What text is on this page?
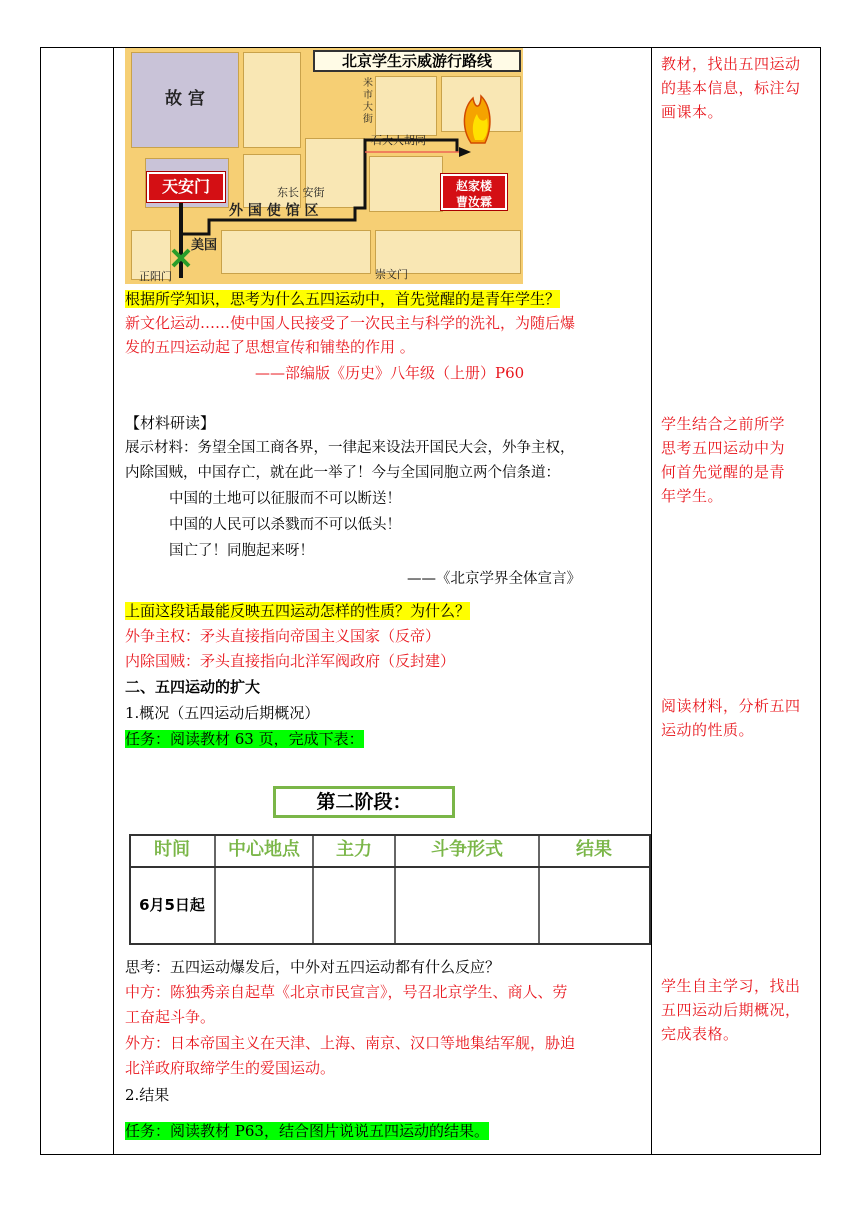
北京学生示威游行路线
故 宫
天安门
外 国 使 馆 区
美国
正阳门	崇文门
东长 安街
石大人胡同
米市大街
赵家楼
曹汝霖
根据所学知识，思考为什么五四运动中，首先觉醒的是青年学生？
新文化运动……使中国人民接受了一次民主与科学的洗礼，为随后爆
发的五四运动起了思想宣传和铺垫的作用 。
——部编版《历史》八年级（上册）P60
【材料研读】
展示材料：务望全国工商各界，一律起来设法开国民大会，外争主权，
内除国贼，中国存亡，就在此一举了！今与全国同胞立两个信条道：
中国的土地可以征服而不可以断送！
中国的人民可以杀戮而不可以低头！
国亡了！同胞起来呀！
——《北京学界全体宣言》
上面这段话最能反映五四运动怎样的性质？为什么？
外争主权：矛头直接指向帝国主义国家（反帝）
内除国贼：矛头直接指向北洋军阀政府（反封建）
二、五四运动的扩大
1.概况（五四运动后期概况）
任务：阅读教材 63 页，完成下表：
第二阶段：
时间	中心地点	主力	斗争形式	结果
6月5日起
思考：五四运动爆发后，中外对五四运动都有什么反应？
中方：陈独秀亲自起草《北京市民宣言》，号召北京学生、商人、劳
工奋起斗争。
外方：日本帝国主义在天津、上海、南京、汉口等地集结军舰，胁迫
北洋政府取缔学生的爱国运动。
2.结果
任务：阅读教材 P63，结合图片说说五四运动的结果。
教材，找出五四运动
的基本信息，标注勾
画课本。
学生结合之前所学
思考五四运动中为
何首先觉醒的是青
年学生。
阅读材料，分析五四
运动的性质。
学生自主学习，找出
五四运动后期概况，
完成表格。
